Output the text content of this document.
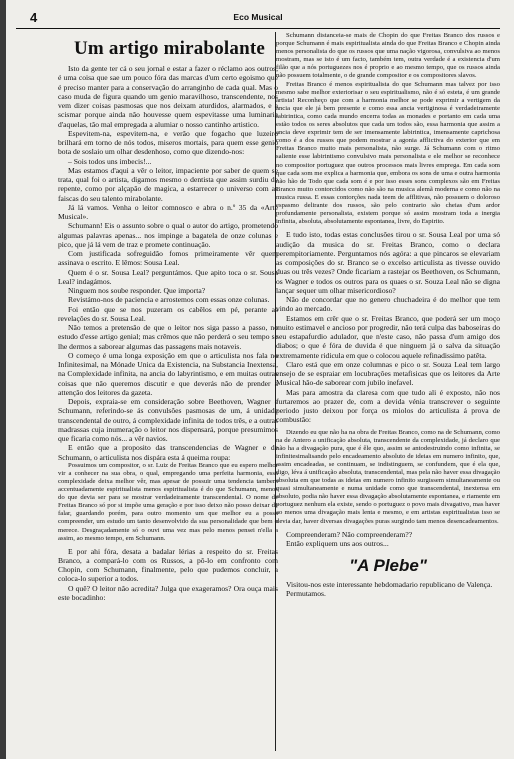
4	Eco Musical
Um artigo mirabolante

Isto da gente ter cá o seu jornal e estar a fazer o réclamo aos outros, é uma coisa que sae um pouco fóra das marcas d'um certo egoismo que é preciso manter para a conservação do arranginho de cada qual. Mas o caso muda de figura quando um genio maravilhoso, transcendente, nos vem dizer coisas pasmosas que nos deixam aturdidos, alarmados, e a scismar porque ainda não houvesse quem espevitasse uma luminaria d'aquelas, tão mal empregada a alumiar o nosso cantinho artistico.

Espevitem-na, espevitem-na, e verão que fogacho que luzeiro brilhará em torno de nós todos, miseros mortais, para quem esse genio bota de soslaio um olhar desdenhoso, como que dizendo-nos:

– Sois todos uns imbecis!...

Mas estamos d'aqui a vêr o leitor, impaciente por saber de quem se trata, qual foi o artista, digamos mesmo o dentista que assim surdiu de repente, como por alçapão de magica, a estarrecer o universo com as faiscas do seu talento mirabolante.

Já lá vamos. Venha o leitor comnosco e abra o n.º 35 da «Arte Musical».

Schumann! Eis o assunto sobre o qual o autor do artigo, prometendo algumas palavras apenas... nos impinge a bagatela de onze colunas e pico, que já lá vem de traz e promete continuação.

Com justificada sofreguidão fomos primeiramente vêr quem assinava o escrito. E lêmos: Sousa Leal.

Quem é o sr. Sousa Leal? perguntámos. Que apito toca o sr. Sousa Leal? indagámos.

Ninguem nos soube responder. Que importa?

Revistámo-nos de paciencia e arrostemos com essas onze colunas.

Foi então que se nos puzeram os cabêlos em pé, perante as revelações do sr. Sousa Leal.

Não temos a pretensão de que o leitor nos siga passo a passo, no estudo d'esse artigo genial; mas crêmos que não perderá o seu tempo se lhe dermos a saborear algumas das passagens mais notaveis.

O começo é uma longa exposição em que o articulista nos fala no Infinitesimal, na Mónade Unica da Existencia, na Substancia Inextensa, na Complexidade infinita, na ancia do labyrintismo, e em muitas outras coisas que não queremos discutir e que deverás não de prender a attenção dos leitores da gazeta.

Depois, expraia-se em consideração sobre Beethoven, Wagner e Schumann, referindo-se ás convulsões pasmosas de um, á unidade transcendental de outro, á complexidade infinita de todos três, e a outras madrassas cuja inumeração o leitor nos dispensará, porque presumimos que ficaria como nós... a vêr navios.

E então que a proposito das transcendencias de Wagner e de Schumann, o articulista nos dispára esta á queima roupa:

Possuimos um compositor, o sr. Luiz de Freitas Branco que eu espero melhor vir a conhecer na sua obra, o qual, empregando uma perfeita harmonia, essa complexidade deixa melhor vêr, mas apesar de possuir uma tendencia tambem accentuadamente espiritualista menos espiritualista é do que Schumann, menos do que devia ser para se mostrar verdadeiramente transcendental. O nome de Freitas Branco só por si impõe uma geração e por isso deixo não posso deixar de falar, guardando porém, para outro momento um que melhor eu a possa compreender, um estudo um tanto desenvolvido da sua personalidade que bem o merece. Desgraçadamente só o ouvi uma vez mas pelo menos pensei n'ella a assim, ao mesmo tempo, em Schumann.

E por ahi fóra, desata a badalar lérias a respeito do sr. Freitas Branco, a compará-lo com os Russos, a pô-lo em confronto com Chopin, com Schumann, finalmente, pelo que pudemos concluir, a coloca-lo superior a todos.

O quê? O leitor não acredita? Julga que exageramos? Ora ouça mais este bocadinho:

Schumann distanceia-se mais de Chopin do que Freitas Branco dos russos e porque Schumann é mais espiritualista ainda do que Freitas Branco e Chopin ainda menos personalista do que os russos que uma nação vigorosa, convulsiva ao menos mostram, mas se isto é um facto, também tem, outra verdade é a existencia d'um filão que a nós portuguezes nos é proprio e ao mesmo tempo, que os russos ainda não possuem totalmente, o de grande compositor e os compositores slavos.

Freitas Branco é menos espiritualista do que Schumann mas talvez por isso mesmo sabe melhor exteriorisar o seu espiritualismo, não é só esteta, é um grande artista! Reconheço que com a harmonia melhor se pode exprimir a vertigem da ancia que ele já bem presente e como essa ancia vertiginosa é verdadeiramente labirintica, como cada mundo encerra todas as monades e portanto em cada uma estão todos os seres absolutos que cada um todos são, essa harmonia que assim a ancia deve exprimir tem de ser imensamente labirintica, imensamente caprichosa como é a dos russos que podem mostrar a agonia afflictiva do exterior que em Freitas Branco muito mais personalista, não surge. Já Schumann com o ritmo saliente esse labirintismo convulsivo mais personalista e ele melhor se reconhece no compositor portuguez que outros processos mais livres emprega. Em cada som que cada som me explica a harmonia que, embora os sons de uma e outra harmonia não hão de Todo que cada som é e por isso esses sons complexos são em Freitas Branco muito contorcidos como não são na musica alemã moderna e como não na musica russa. E essas contorções nada teem de afflitivas, não possuem o doloroso espasmo delirante dos russos, são pelo contrario são cheias d'um ardor profundamente personalista, existem porque só assim mostram toda a inergia infinita, absoluta, absolutamente espontanea, livre, do Espirito.

E tudo isto, todas estas conclusões tirou o sr. Sousa Leal por uma só audição da musica do sr. Freitas Branco, como o declara perempitoriamente. Perguntamos nós agóra: a que pincaros se elevariam as composições do sr. Branco se o excelso articulista as tivesse ouvido duas ou três vezes? Onde ficariam a rastejar os Beethoven, os Schumann, os Wagner e todos os outros para os quaes o sr. Souza Leal não se digna lançar sequer um olhar misericordioso?

Não de concordar que no genero chuchadeira é do melhor que tem vindo ao mercado.

Estamos em crêr que o sr. Freitas Branco, que poderá ser um moço muito estimavel e ancioso por progredir, não terá culpa das baboseiras do seu estapafurdio adulador, que n'este caso, não passa d'um amigo dos diabos; o que é fóra de duvida é que ninguem já o salva da situação extremamente ridicula em que o colocou aquele refinadissimo patêta.

Claro está que em onze columnas e pico o sr. Souza Leal tem largo ensejo de se espraiar em locubrações metafisicas que os leitores da Arte Musical hão-de saborear com jubilo inefavel.

Mas para amostra da claresa com que tudo ali é exposto, não nos furtaremos ao prazer de, com a devida vénia transcrever o seguinte periodo justo deixou por força os miolos do articulista á prova de combustão:

Dizendo eu que não ha na obra de Freitas Branco, como na de Schumann, como na de Antero a unificação absoluta, transcendente da complexidade, já declaro que não ha a divagação pura, que é êle quo, assim se antodestruindo como infinita, se infinitesimalisando pelo encadeamento absoluto de ideias em numero infinito, que, assim encadeadas, se continuam, se indistinguem, se confundem, que é ela que, digo, léva á unificação absoluta, transcendental, mas pela não haver essa divagação absoluta em que todas as ideias em numero infinito surgissem simultaneamente ou quasi simultaneamente e numa unidade como que transcendental, inextensa em absoluto, podia não haver essa divagação absolutamente espontanea, e riamente em portuguez nenhum ela existe, sendo o portuguez o povo mais divagativo, mas haver ao menos uma divagação mais lenta e mesmo, e em artistas espiritualistas isso se devia dar, haver diversas divagações puras surgindo tam menos desencadeamentos.

Compreenderam? Não compreenderam??

Então expliquem uns aos outros...

"A Plebe"

Visitou-nos este interessante hebdomadario republicano de Valença.

Permutamos.
